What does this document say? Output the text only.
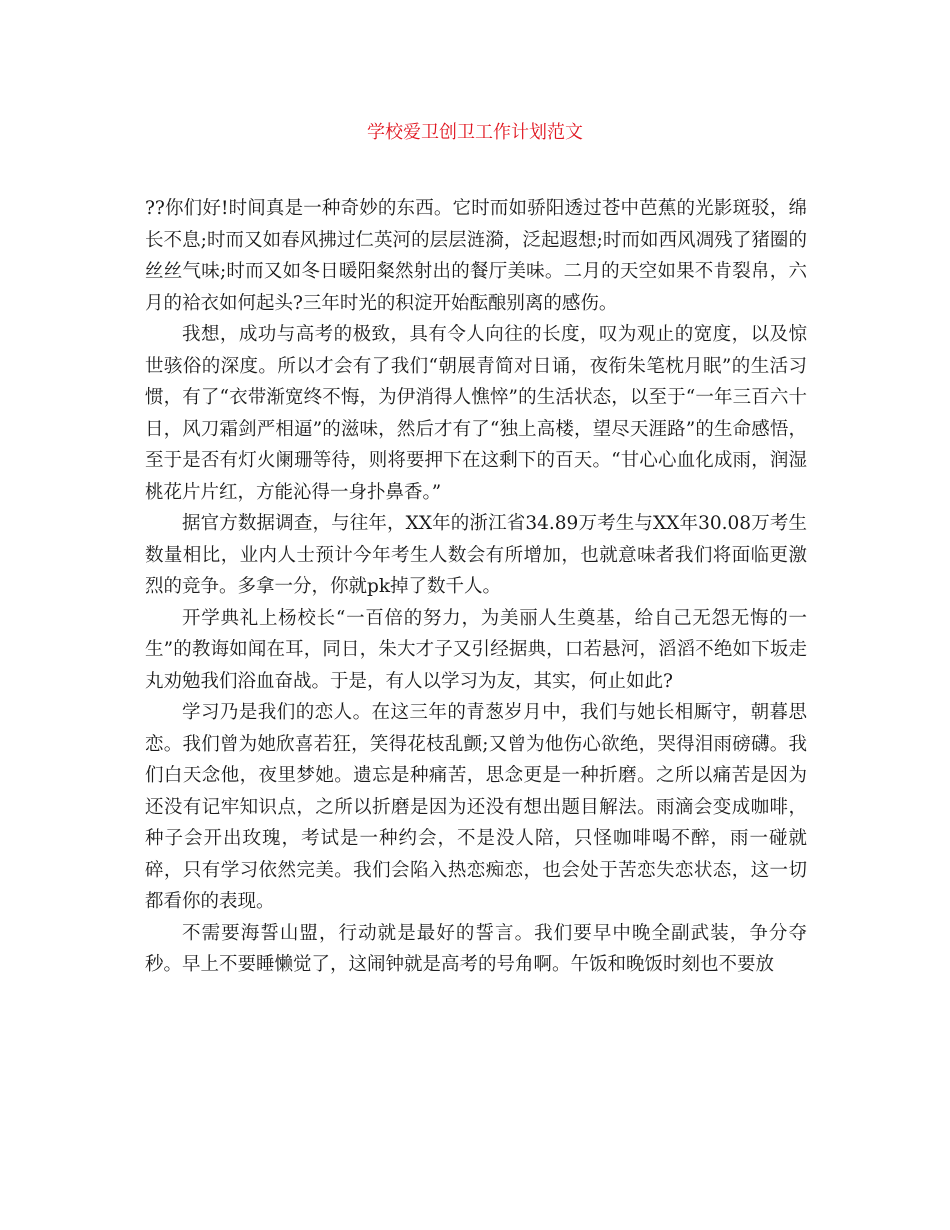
学校爱卫创卫工作计划范文

??你们好!时间真是一种奇妙的东西。它时而如骄阳透过苍中芭蕉的光影斑驳，绵长不息;时而又如春风拂过仁英河的层层涟漪，泛起遐想;时而如西风凋残了猪圈的丝丝气味;时而又如冬日暖阳粲然射出的餐厅美味。二月的天空如果不肯裂帛，六月的袷衣如何起头?三年时光的积淀开始酝酿别离的感伤。

我想，成功与高考的极致，具有令人向往的长度，叹为观止的宽度，以及惊世骇俗的深度。所以才会有了我们“朝展青简对日诵，夜衔朱笔枕月眠”的生活习惯，有了“衣带渐宽终不悔，为伊消得人憔悴”的生活状态，以至于“一年三百六十日，风刀霜剑严相逼”的滋味，然后才有了“独上高楼，望尽天涯路”的生命感悟，至于是否有灯火阑珊等待，则将要押下在这剩下的百天。“甘心心血化成雨，润湿桃花片片红，方能沁得一身扑鼻香。”

据官方数据调查，与往年，XX年的浙江省34.89万考生与XX年30.08万考生数量相比，业内人士预计今年考生人数会有所增加，也就意味者我们将面临更激烈的竞争。多拿一分，你就pk掉了数千人。

开学典礼上杨校长“一百倍的努力，为美丽人生奠基，给自己无怨无悔的一生”的教诲如闻在耳，同日，朱大才子又引经据典，口若悬河，滔滔不绝如下坂走丸劝勉我们浴血奋战。于是，有人以学习为友，其实，何止如此?

学习乃是我们的恋人。在这三年的青葱岁月中，我们与她长相厮守，朝暮思恋。我们曾为她欣喜若狂，笑得花枝乱颤;又曾为他伤心欲绝，哭得泪雨磅礴。我们白天念他，夜里梦她。遗忘是种痛苦，思念更是一种折磨。之所以痛苦是因为还没有记牢知识点，之所以折磨是因为还没有想出题目解法。雨滴会变成咖啡，种子会开出玫瑰，考试是一种约会，不是没人陪，只怪咖啡喝不醉，雨一碰就碎，只有学习依然完美。我们会陷入热恋痴恋，也会处于苦恋失恋状态，这一切都看你的表现。

不需要海誓山盟，行动就是最好的誓言。我们要早中晚全副武装，争分夺秒。早上不要睡懒觉了，这闹钟就是高考的号角啊。午饭和晚饭时刻也不要放
